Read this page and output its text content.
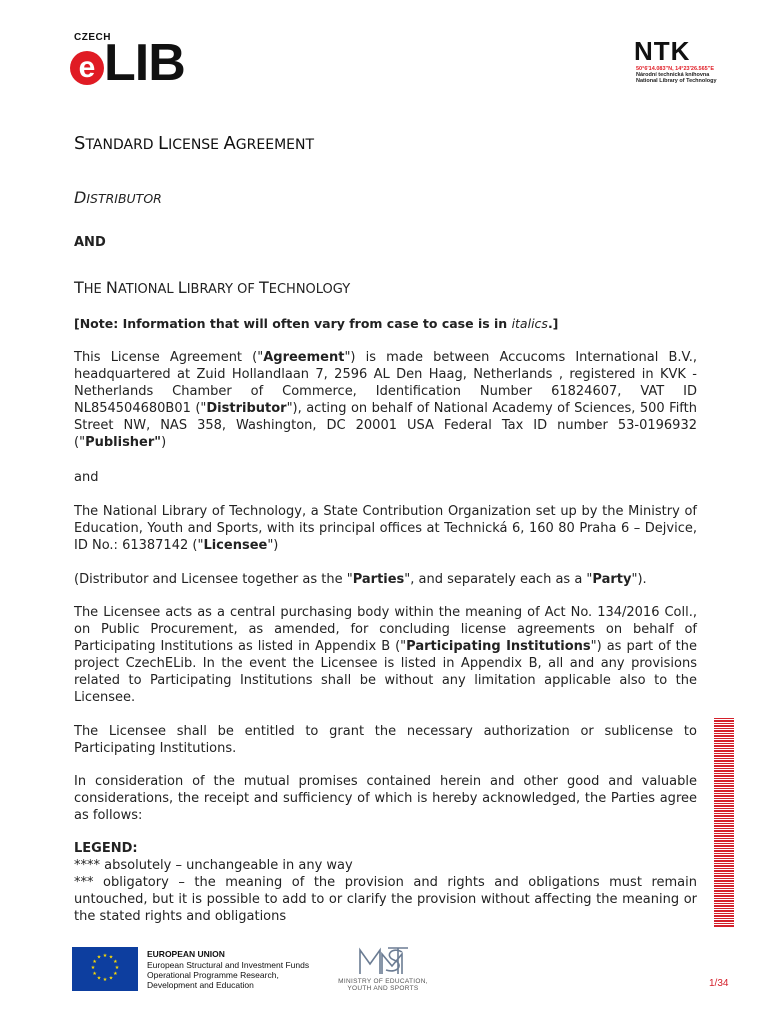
CZECH
e LIB	NTK
50°6'14.083"N, 14°23'26.565"E
Národní technická knihovna
National Library of Technology
STANDARD LICENSE AGREEMENT
DISTRIBUTOR
AND
THE NATIONAL LIBRARY OF TECHNOLOGY
[Note: Information that will often vary from case to case is in italics.]
This License Agreement ("Agreement") is made between Accucoms International B.V., headquartered at Zuid Hollandlaan 7, 2596 AL Den Haag, Netherlands , registered in KVK - Netherlands Chamber of Commerce, Identification Number 61824607, VAT ID NL854504680B01 ("Distributor"), acting on behalf of National Academy of Sciences, 500 Fifth Street NW, NAS 358, Washington, DC 20001 USA Federal Tax ID number 53-0196932 ("Publisher")
and
The National Library of Technology, a State Contribution Organization set up by the Ministry of Education, Youth and Sports, with its principal offices at Technická 6, 160 80 Praha 6 – Dejvice, ID No.: 61387142 ("Licensee")
(Distributor and Licensee together as the "Parties", and separately each as a "Party").
The Licensee acts as a central purchasing body within the meaning of Act No. 134/2016 Coll., on Public Procurement, as amended, for concluding license agreements on behalf of Participating Institutions as listed in Appendix B ("Participating Institutions") as part of the project CzechELib. In the event the Licensee is listed in Appendix B, all and any provisions related to Participating Institutions shall be without any limitation applicable also to the Licensee.
The Licensee shall be entitled to grant the necessary authorization or sublicense to Participating Institutions.
In consideration of the mutual promises contained herein and other good and valuable considerations, the receipt and sufficiency of which is hereby acknowledged, the Parties agree as follows:
LEGEND:
**** absolutely – unchangeable in any way
*** obligatory – the meaning of the provision and rights and obligations must remain untouched, but it is possible to add to or clarify the provision without affecting the meaning or the stated rights and obligations
★ ★
★
★
★
★
★
★
★
★
★
★	EUROPEAN UNION
European Structural and Investment Funds
Operational Programme Research,
Development and Education	MINISTRY OF EDUCATION,
YOUTH AND SPORTS	1/34
